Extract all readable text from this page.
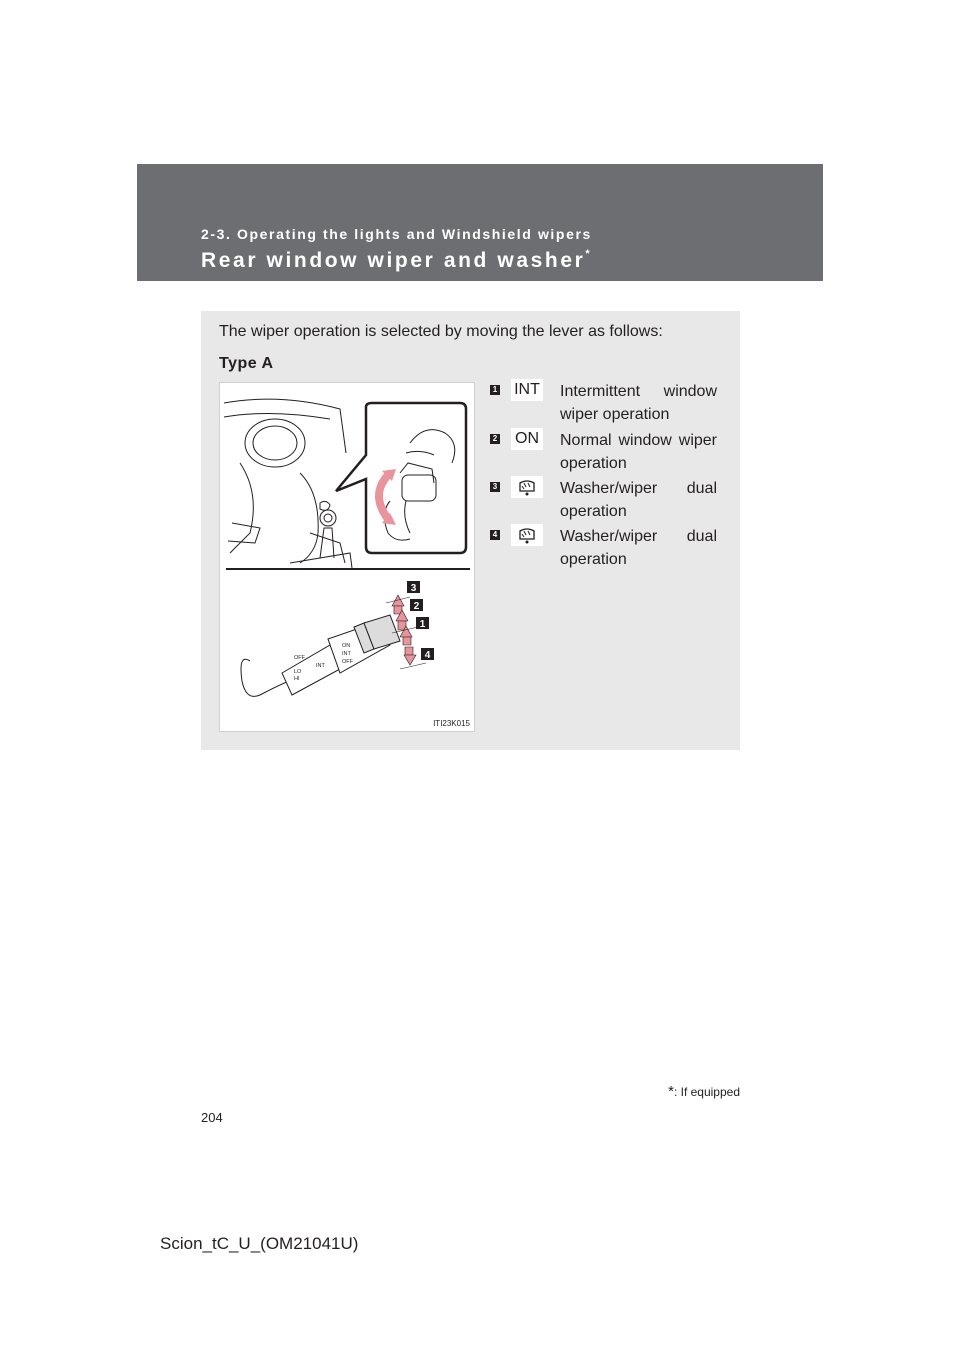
2-3. Operating the lights and Windshield wipers
Rear window wiper and washer*
The wiper operation is selected by moving the lever as follows:
Type A
ON
INT
OFF
INT
OFF
LO
HI
3
2
1
4
ITI23K015
1 INT Intermittent window
wiper operation
2 ON Normal window wiper
operation
3	Washer/wiper dual
operation
4	Washer/wiper dual
operation
*: If equipped
204
Scion_tC_U_(OM21041U)
